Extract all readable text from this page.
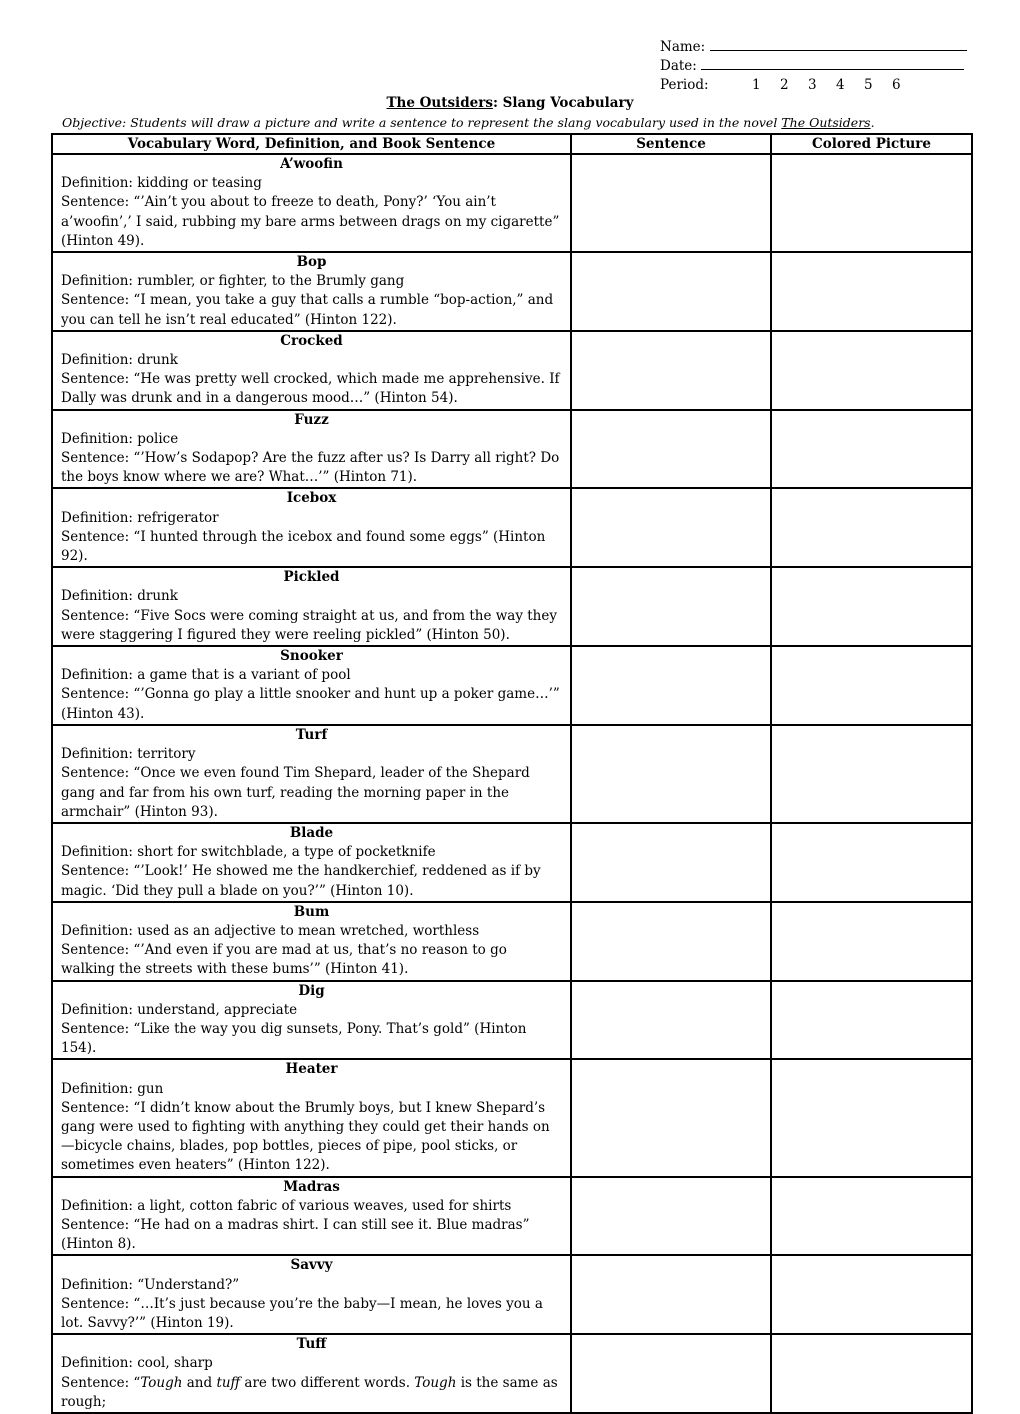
Name:
Date:
Period:	1 2 3 4 5 6
The Outsiders: Slang Vocabulary
Objective: Students will draw a picture and write a sentence to represent the slang vocabulary used in the novel The Outsiders.
Vocabulary Word, Definition, and Book Sentence	Sentence	Colored Picture

A’woofin
Definition: kidding or teasing
Sentence: “’Ain’t you about to freeze to death, Pony?’ ‘You ain’t a’woofin’,’ I said, rubbing my bare arms between drags on my cigarette” (Hinton 49).		

Bop
Definition: rumbler, or fighter, to the Brumly gang
Sentence: “I mean, you take a guy that calls a rumble “bop-action,” and you can tell he isn’t real educated” (Hinton 122).		

Crocked
Definition: drunk
Sentence: “He was pretty well crocked, which made me apprehensive. If Dally was drunk and in a dangerous mood…” (Hinton 54).		

Fuzz
Definition: police
Sentence: “’How’s Sodapop? Are the fuzz after us? Is Darry all right? Do the boys know where we are? What…’” (Hinton 71).		

Icebox
Definition: refrigerator
Sentence: “I hunted through the icebox and found some eggs” (Hinton 92).		

Pickled
Definition: drunk
Sentence: “Five Socs were coming straight at us, and from the way they were staggering I figured they were reeling pickled” (Hinton 50).		

Snooker
Definition: a game that is a variant of pool
Sentence: “’Gonna go play a little snooker and hunt up a poker game…’” (Hinton 43).		

Turf
Definition: territory
Sentence: “Once we even found Tim Shepard, leader of the Shepard gang and far from his own turf, reading the morning paper in the armchair” (Hinton 93).		

Blade
Definition: short for switchblade, a type of pocketknife
Sentence: “’Look!’ He showed me the handkerchief, reddened as if by magic. ‘Did they pull a blade on you?’” (Hinton 10).		

Bum
Definition: used as an adjective to mean wretched, worthless
Sentence: “’And even if you are mad at us, that’s no reason to go walking the streets with these bums’” (Hinton 41).		

Dig
Definition: understand, appreciate
Sentence: “Like the way you dig sunsets, Pony. That’s gold” (Hinton 154).		

Heater
Definition: gun
Sentence: “I didn’t know about the Brumly boys, but I knew Shepard’s gang were used to fighting with anything they could get their hands on—bicycle chains, blades, pop bottles, pieces of pipe, pool sticks, or sometimes even heaters” (Hinton 122).		

Madras
Definition: a light, cotton fabric of various weaves, used for shirts
Sentence: “He had on a madras shirt. I can still see it. Blue madras” (Hinton 8).		

Savvy
Definition: “Understand?”
Sentence: “…It’s just because you’re the baby—I mean, he loves you a lot. Savvy?’” (Hinton 19).		

Tuff
Definition: cool, sharp
Sentence: “Tough and tuff are two different words. Tough is the same as rough;		
